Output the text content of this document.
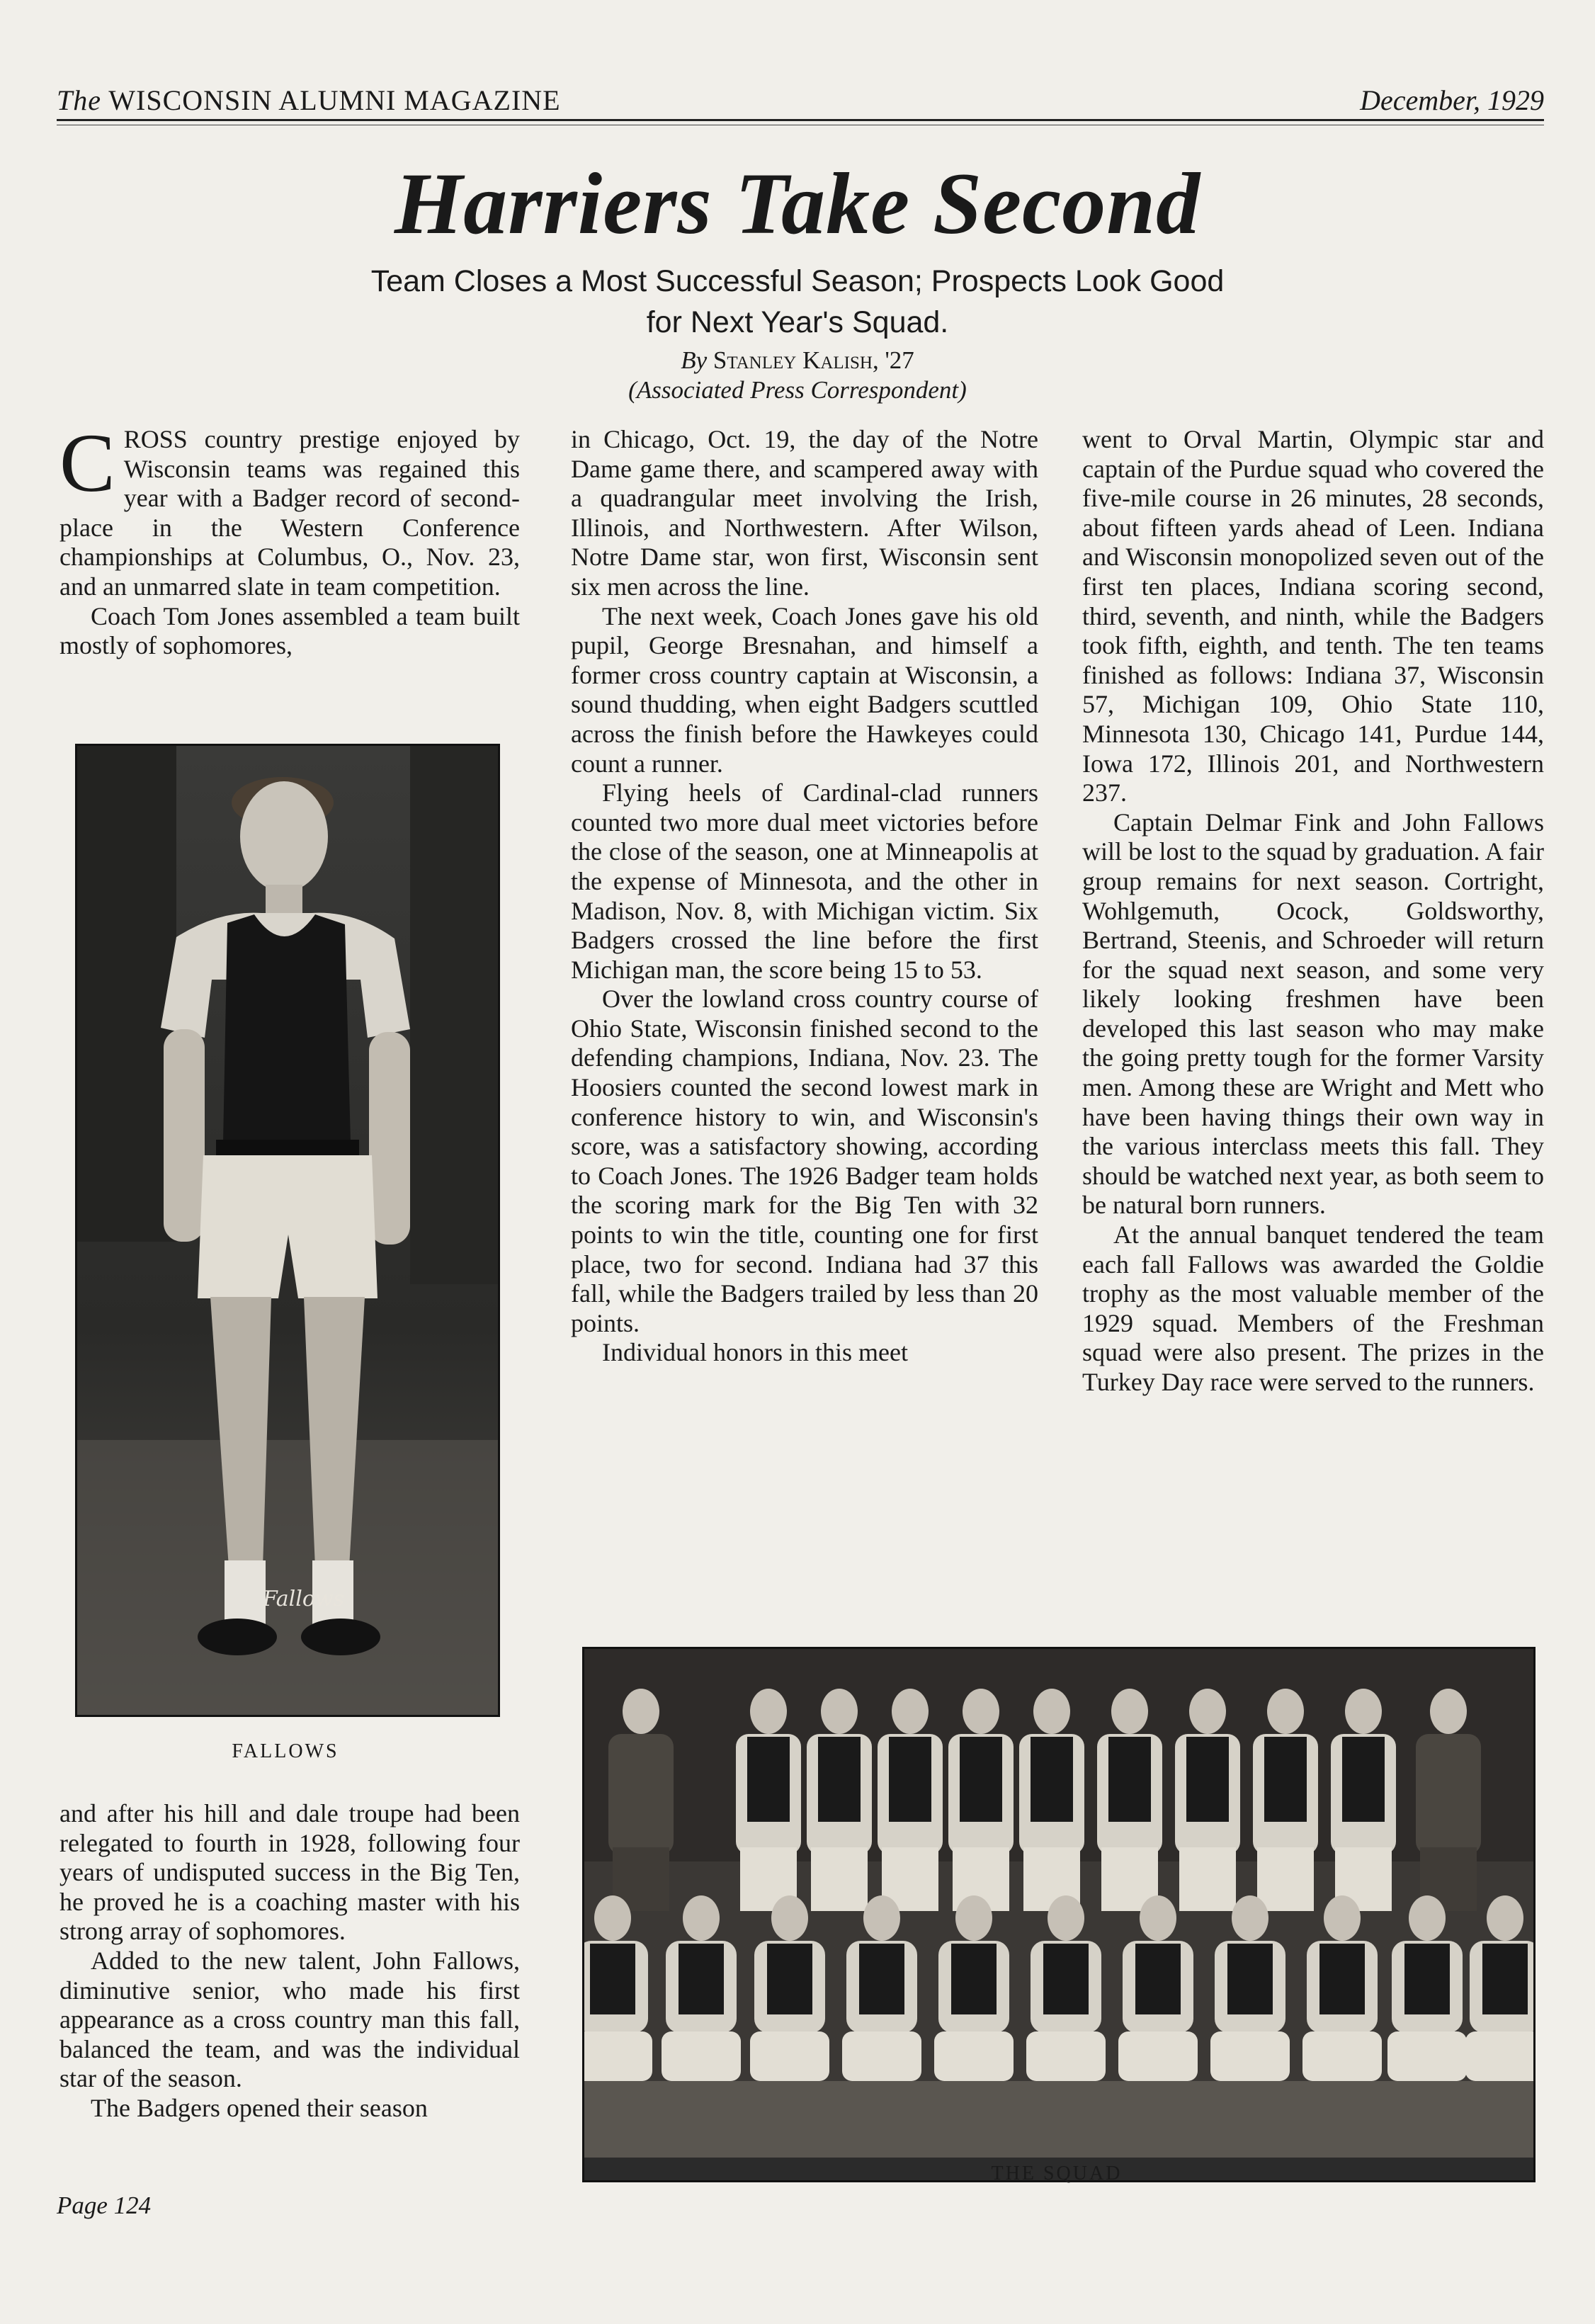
The WISCONSIN ALUMNI MAGAZINE	December, 1929
Harriers Take Second
Team Closes a Most Successful Season; Prospects Look Good
for Next Year's Squad.
By Stanley Kalish, '27
(Associated Press Correspondent)

CROSS country prestige enjoyed by Wisconsin teams was regained this year with a Badger record of second-place in the Western Conference championships at Columbus, O., Nov. 23, and an unmarred slate in team competition.

Coach Tom Jones assembled a team built mostly of sophomores,

Fallows
FALLOWS

and after his hill and dale troupe had been relegated to fourth in 1928, following four years of undisputed success in the Big Ten, he proved he is a coaching master with his strong array of sophomores.

Added to the new talent, John Fallows, diminutive senior, who made his first appearance as a cross country man this fall, balanced the team, and was the individual star of the season.

The Badgers opened their season

in Chicago, Oct. 19, the day of the Notre Dame game there, and scampered away with a quadrangular meet involving the Irish, Illinois, and Northwestern. After Wilson, Notre Dame star, won first, Wisconsin sent six men across the line.

The next week, Coach Jones gave his old pupil, George Bresnahan, and himself a former cross country captain at Wisconsin, a sound thudding, when eight Badgers scuttled across the finish before the Hawkeyes could count a runner.

Flying heels of Cardinal-clad runners counted two more dual meet victories before the close of the season, one at Minneapolis at the expense of Minnesota, and the other in Madison, Nov. 8, with Michigan victim. Six Badgers crossed the line before the first Michigan man, the score being 15 to 53.

Over the lowland cross country course of Ohio State, Wisconsin finished second to the defending champions, Indiana, Nov. 23. The Hoosiers counted the second lowest mark in conference history to win, and Wisconsin's score, was a satisfactory showing, according to Coach Jones. The 1926 Badger team holds the scoring mark for the Big Ten with 32 points to win the title, counting one for first place, two for second. Indiana had 37 this fall, while the Badgers trailed by less than 20 points.

Individual honors in this meet

went to Orval Martin, Olympic star and captain of the Purdue squad who covered the five-mile course in 26 minutes, 28 seconds, about fifteen yards ahead of Leen. Indiana and Wisconsin monopolized seven out of the first ten places, Indiana scoring second, third, seventh, and ninth, while the Badgers took fifth, eighth, and tenth. The ten teams finished as follows: Indiana 37, Wisconsin 57, Michigan 109, Ohio State 110, Minnesota 130, Chicago 141, Purdue 144, Iowa 172, Illinois 201, and Northwestern 237.

Captain Delmar Fink and John Fallows will be lost to the squad by graduation. A fair group remains for next season. Cortright, Wohlgemuth, Ocock, Goldsworthy, Bertrand, Steenis, and Schroeder will return for the squad next season, and some very likely looking freshmen have been developed this last season who may make the going pretty tough for the former Varsity men. Among these are Wright and Mett who have been having things their own way in the various interclass meets this fall. They should be watched next year, as both seem to be natural born runners.

At the annual banquet tendered the team each fall Fallows was awarded the Goldie trophy as the most valuable member of the 1929 squad. Members of the Freshman squad were also present. The prizes in the Turkey Day race were served to the runners.

THE SQUAD
Page 124
